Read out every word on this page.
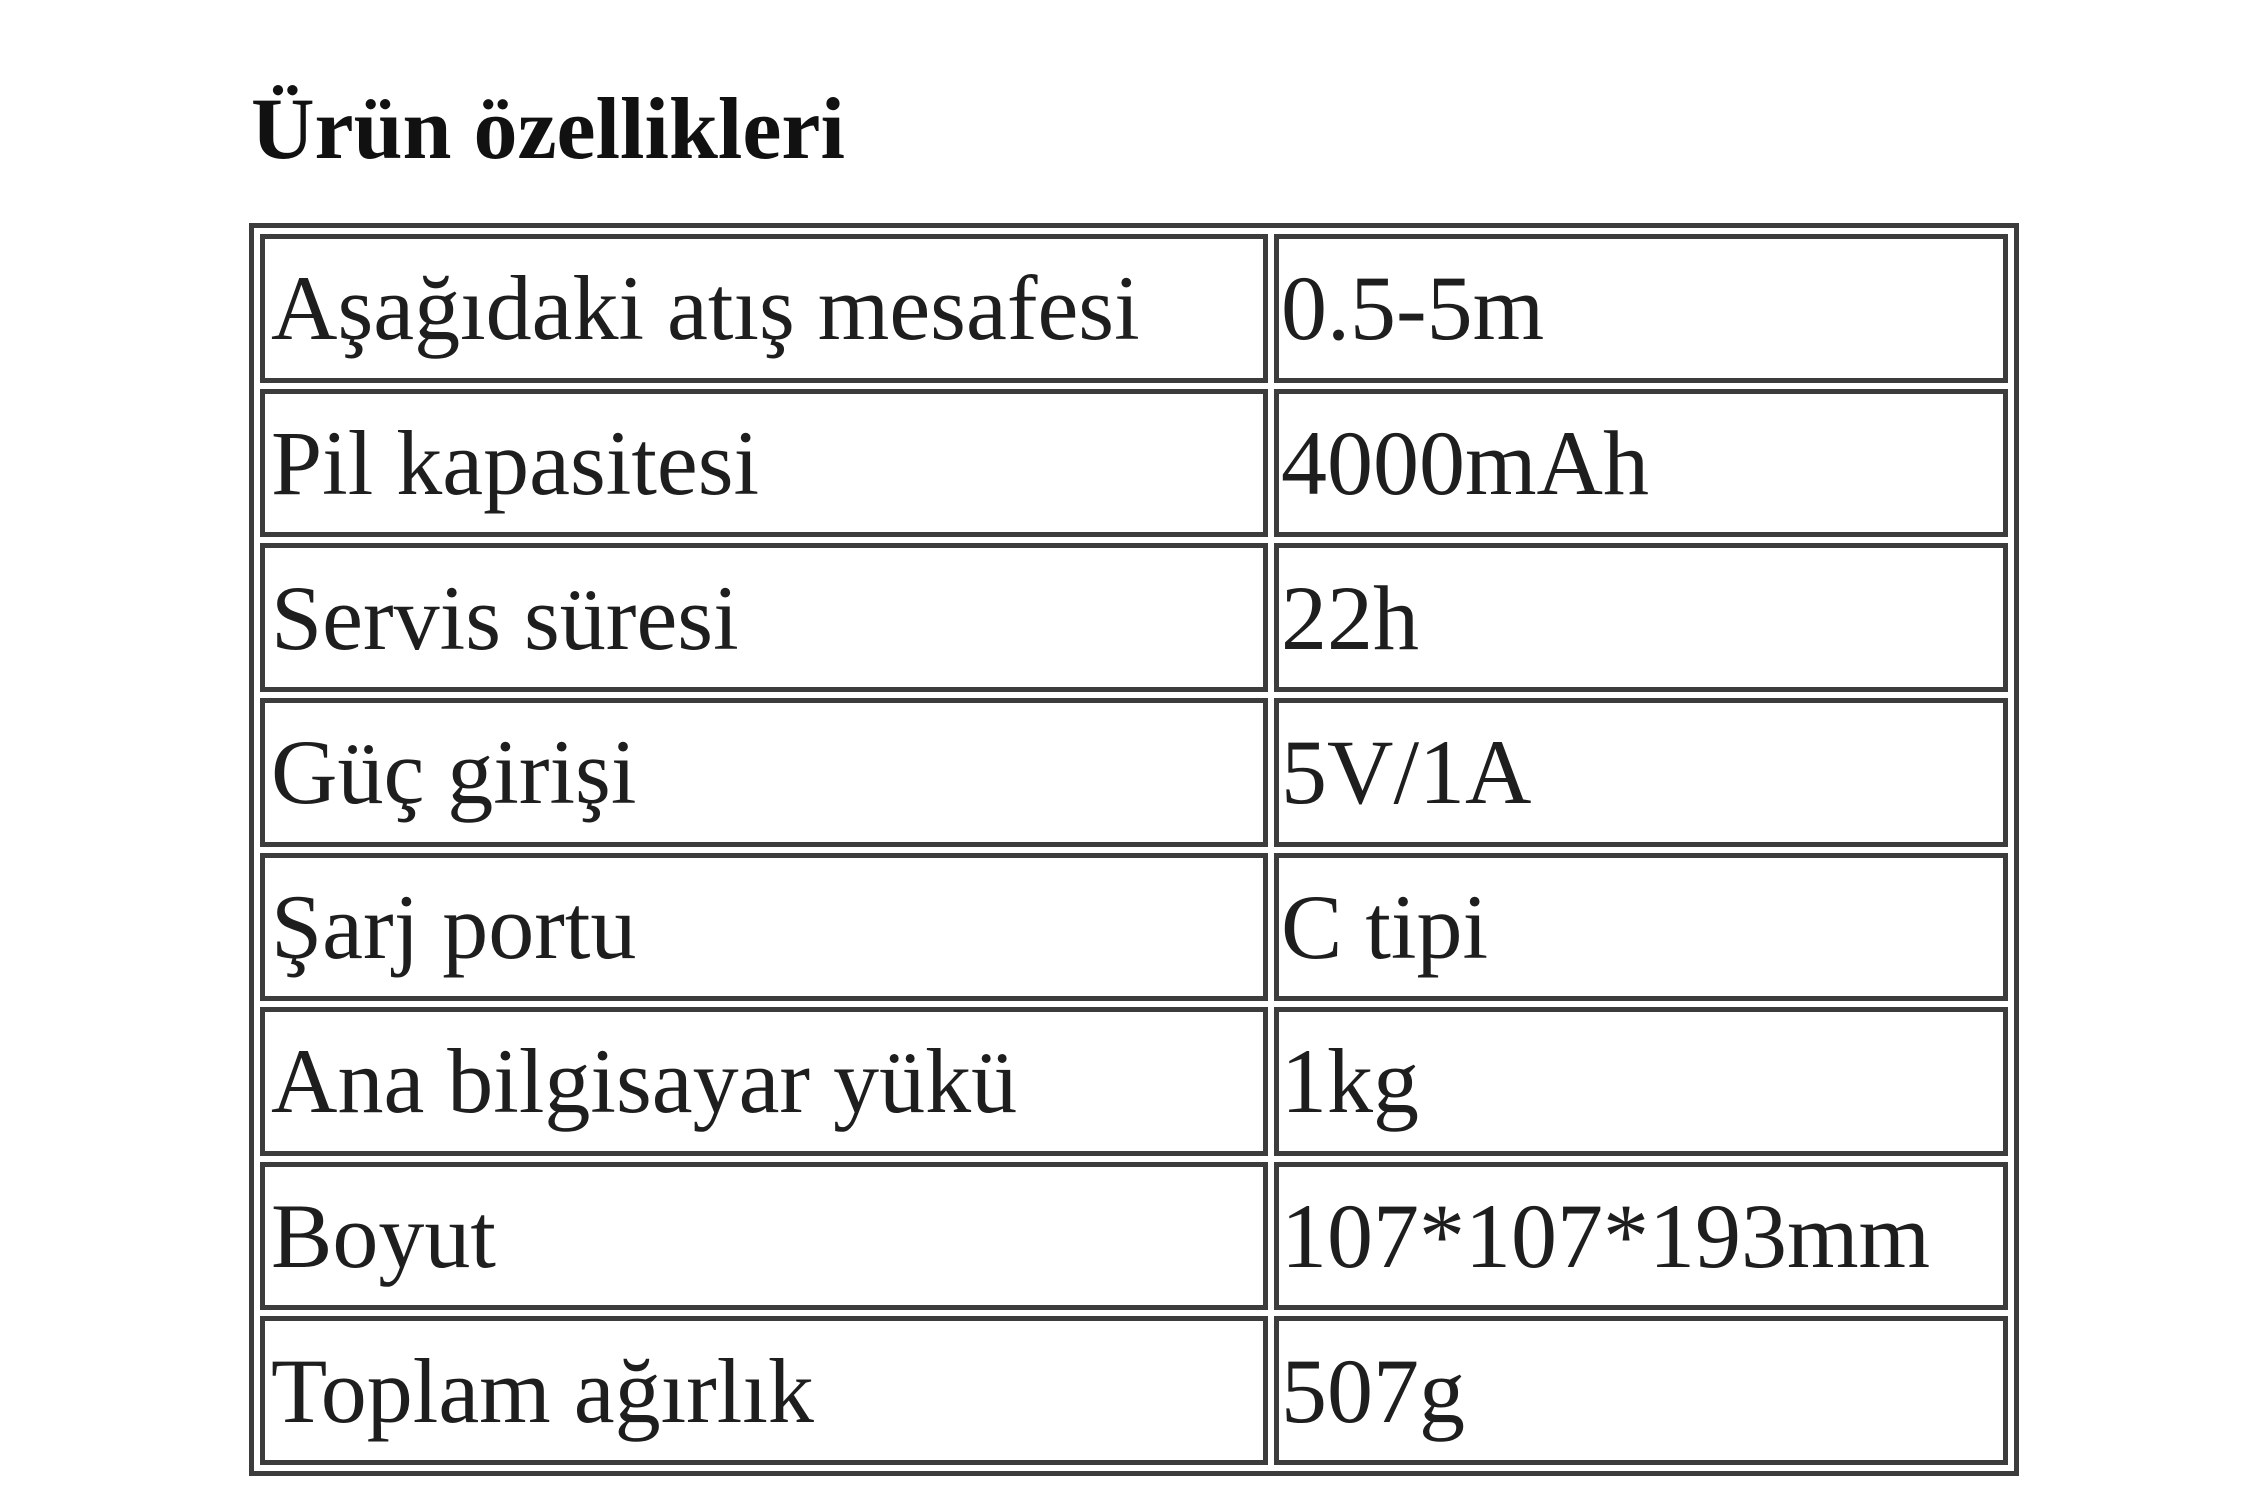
Ürün özellikleri
Aşağıdaki atış mesafesi	0.5-5m
Pil kapasitesi	4000mAh
Servis süresi	22h
Güç girişi	5V/1A
Şarj portu	C tipi
Ana bilgisayar yükü	1kg
Boyut	107*107*193mm
Toplam ağırlık	507g
